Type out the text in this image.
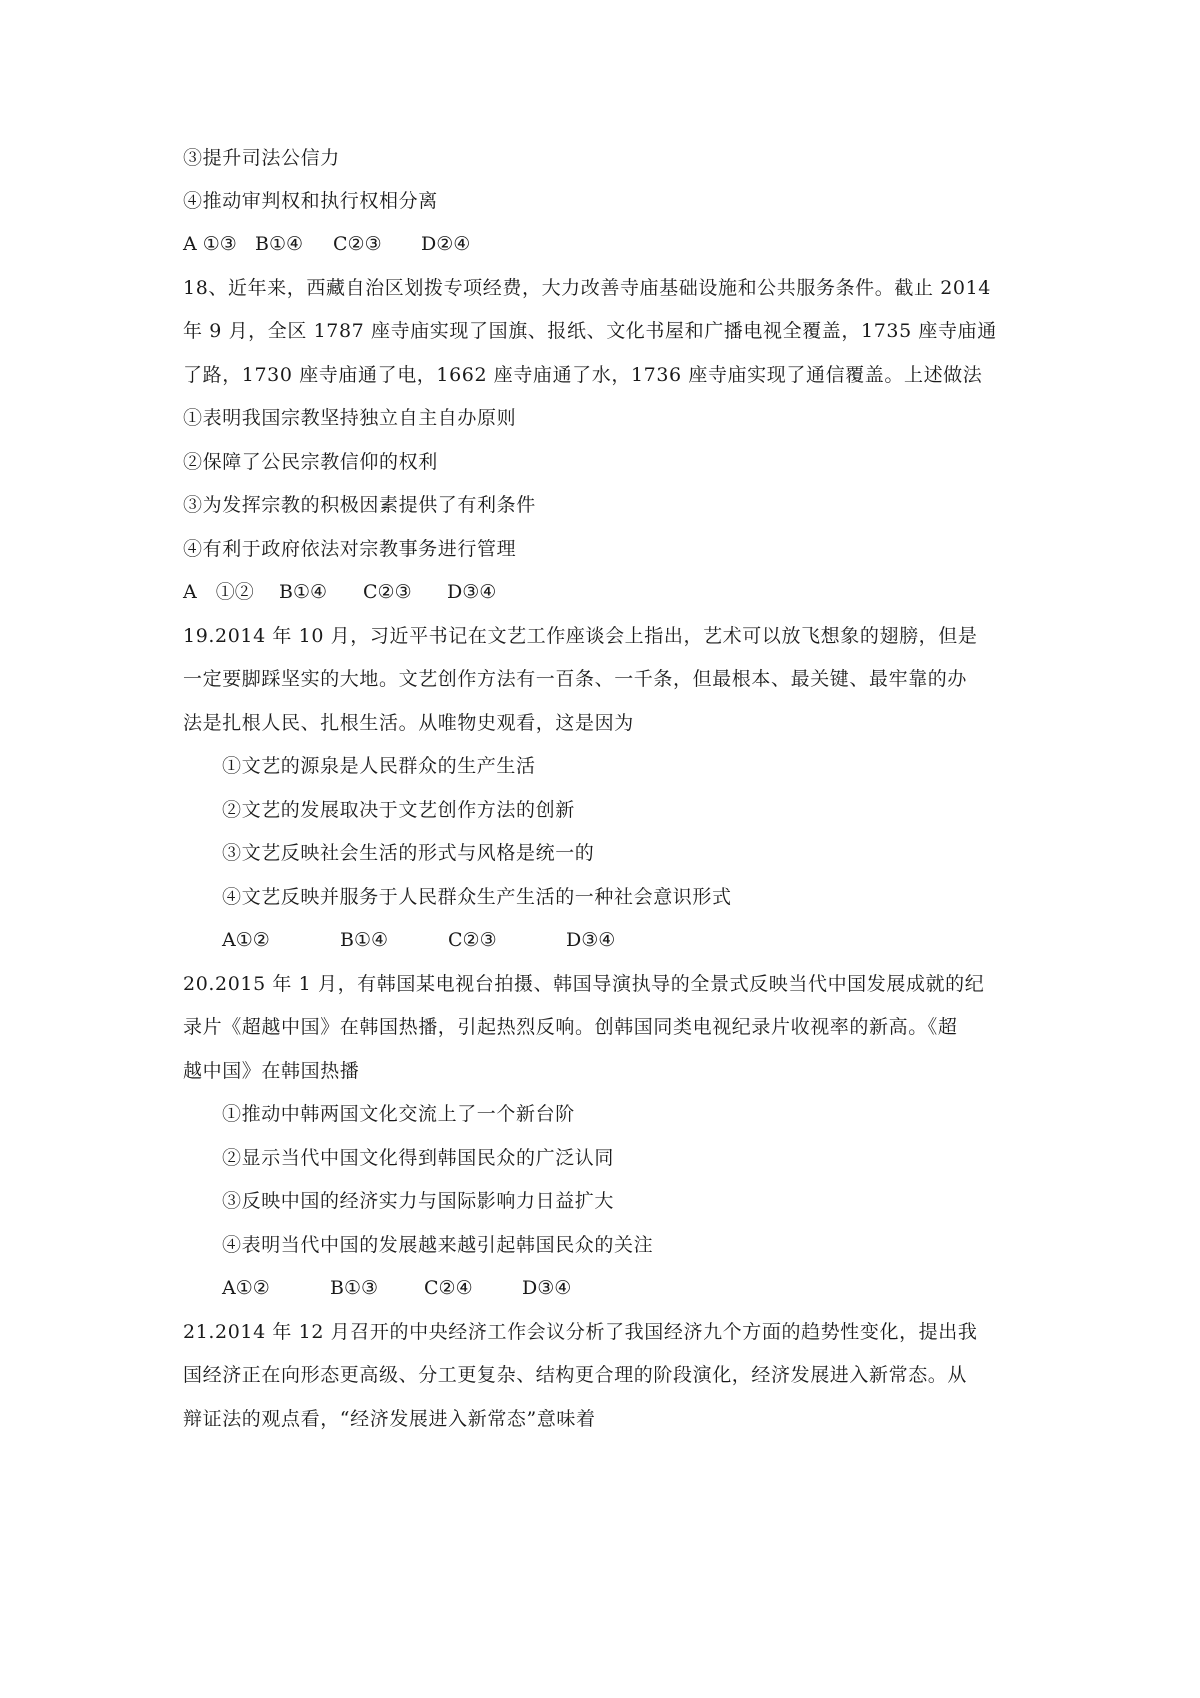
③提升司法公信力
④推动审判权和执行权相分离
A ①③ B①④ C②③ D②④
18、近年来，西藏自治区划拨专项经费，大力改善寺庙基础设施和公共服务条件。截止 2014
年 9 月，全区 1787 座寺庙实现了国旗、报纸、文化书屋和广播电视全覆盖，1735 座寺庙通
了路，1730 座寺庙通了电，1662 座寺庙通了水，1736 座寺庙实现了通信覆盖。上述做法
①表明我国宗教坚持独立自主自办原则
②保障了公民宗教信仰的权利
③为发挥宗教的积极因素提供了有利条件
④有利于政府依法对宗教事务进行管理
A　①② B①④ C②③ D③④
19.2014 年 10 月，习近平书记在文艺工作座谈会上指出，艺术可以放飞想象的翅膀，但是
一定要脚踩坚实的大地。文艺创作方法有一百条、一千条，但最根本、最关键、最牢靠的办
法是扎根人民、扎根生活。从唯物史观看，这是因为
①文艺的源泉是人民群众的生产生活
②文艺的发展取决于文艺创作方法的创新
③文艺反映社会生活的形式与风格是统一的
④文艺反映并服务于人民群众生产生活的一种社会意识形式
A①②	B①④	C②③	D③④
20.2015 年 1 月，有韩国某电视台拍摄、韩国导演执导的全景式反映当代中国发展成就的纪
录片《超越中国》在韩国热播，引起热烈反响。创韩国同类电视纪录片收视率的新高。《超
越中国》在韩国热播
①推动中韩两国文化交流上了一个新台阶
②显示当代中国文化得到韩国民众的广泛认同
③反映中国的经济实力与国际影响力日益扩大
④表明当代中国的发展越来越引起韩国民众的关注
A①②	B①③ C②④	D③④
21.2014 年 12 月召开的中央经济工作会议分析了我国经济九个方面的趋势性变化，提出我
国经济正在向形态更高级、分工更复杂、结构更合理的阶段演化，经济发展进入新常态。从
辩证法的观点看，“经济发展进入新常态”意味着
